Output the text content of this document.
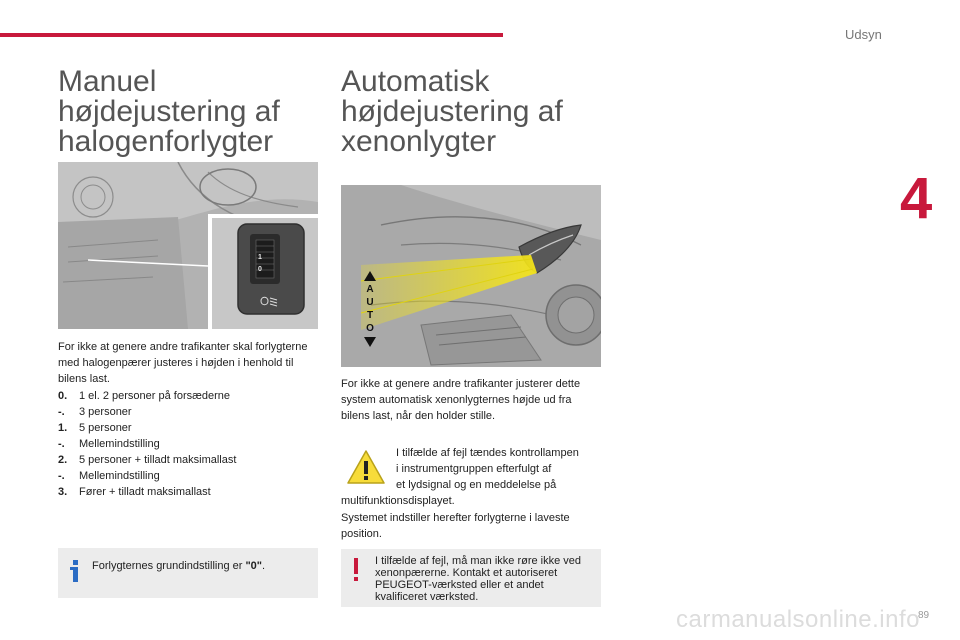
Udsyn
4
Manuel
højdejustering af
halogenforlygter
1
0

For ikke at genere andre trafikanter skal forlygterne med halogenpærer justeres i højden i henhold til bilens last.

0.	1 el. 2 personer på forsæderne
-.	3 personer
1.	5 personer
-.	Mellemindstilling
2.	5 personer + tilladt maksimallast
-.	Mellemindstilling
3.	Fører + tilladt maksimallast
Forlygternes grundindstilling er "0".
Automatisk
højdejustering af
xenonlygter
A
U
T
O

For ikke at genere andre trafikanter justerer dette system automatisk xenonlygternes højde ud fra bilens last, når den holder stille.

I tilfælde af fejl tændes kontrollampen
i instrumentgruppen efterfulgt af
et lydsignal og en meddelelse på
multifunktionsdisplayet.

Systemet indstiller herefter forlygterne i laveste position.

I tilfælde af fejl, må man ikke røre ikke ved xenonpærerne. Kontakt et autoriseret PEUGEOT-værksted eller et andet kvalificeret værksted.
carmanualsonline.info
89
